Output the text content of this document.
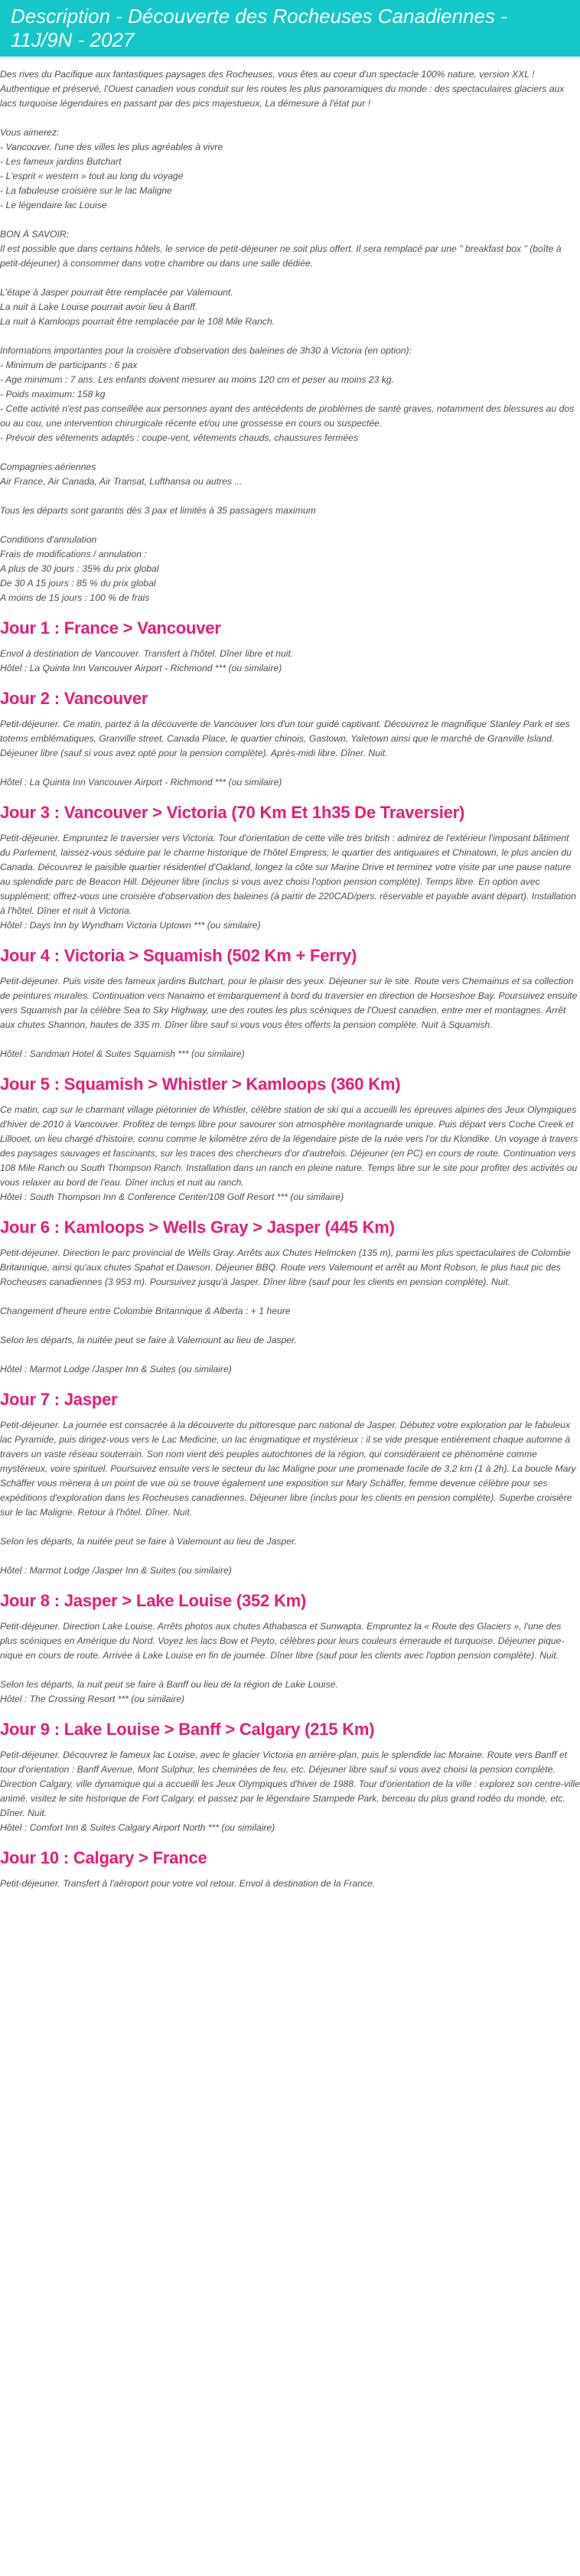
Description - Découverte des Rocheuses Canadiennes - 11J/9N - 2027

Des rives du Pacifique aux fantastiques paysages des Rocheuses, vous êtes au coeur d'un spectacle 100% nature, version XXL ! Authentique et préservé, l'Ouest canadien vous conduit sur les routes les plus panoramiques du monde : des spectaculaires glaciers aux lacs turquoise légendaires en passant par des pics majestueux, La démesure à l'état pur !

Vous aimerez:

- Vancouver, l'une des villes les plus agréables à vivre

- Les fameux jardins Butchart

- L'esprit « western » tout au long du voyage

- La fabuleuse croisière sur le lac Maligne

- Le légendaire lac Louise

BON À SAVOIR:

Il est possible que dans certains hôtels, le service de petit-déjeuner ne soit plus offert. Il sera remplacé par une " breakfast box " (boîte à petit-déjeuner) à consommer dans votre chambre ou dans une salle dédiée.

L'étape à Jasper pourrait être remplacée par Valemount.

La nuit à Lake Louise pourrait avoir lieu à Banff.

La nuit à Kamloops pourrait être remplacée par le 108 Mile Ranch.

Informations importantes pour la croisière d'observation des baleines de 3h30 à Victoria (en option):

- Minimum de participants : 6 pax

- Age minimum : 7 ans. Les enfants doivent mesurer au moins 120 cm et peser au moins 23 kg.

- Poids maximum: 158 kg

- Cette activité n'est pas conseillée aux personnes ayant des antécédents de problèmes de santé graves, notamment des blessures au dos ou au cou, une intervention chirurgicale récente et/ou une grossesse en cours ou suspectée.

- Prévoir des vêtements adaptés : coupe-vent, vêtements chauds, chaussures fermées

Compagnies aériennes

Air France, Air Canada, Air Transat, Lufthansa ou autres ...

Tous les départs sont garantis dès 3 pax et limités à 35 passagers maximum

Conditions d'annulation

Frais de modifications / annulation :

A plus de 30 jours : 35% du prix global

De 30 A 15 jours : 85 % du prix global

A moins de 15 jours : 100 % de frais

Jour 1 : France > Vancouver

Envol à destination de Vancouver. Transfert à l'hôtel. Dîner libre et nuit.

Hôtel : La Quinta Inn Vancouver Airport - Richmond *** (ou similaire)

Jour 2 : Vancouver

Petit-déjeuner. Ce matin, partez à la découverte de Vancouver lors d'un tour guidé captivant. Découvrez le magnifique Stanley Park et ses totems emblématiques, Granville street, Canada Place, le quartier chinois, Gastown, Yaletown ainsi que le marché de Granville Island. Déjeuner libre (sauf si vous avez opté pour la pension complète). Après-midi libre. Dîner. Nuit.

Hôtel : La Quinta Inn Vancouver Airport - Richmond *** (ou similaire)

Jour 3 : Vancouver > Victoria (70 Km Et 1h35 De Traversier)

Petit-déjeuner. Empruntez le traversier vers Victoria. Tour d'orientation de cette ville très british : admirez de l'extérieur l'imposant bâtiment du Parlement, laissez-vous séduire par le charme historique de l'hôtel Empress, le quartier des antiquaires et Chinatown, le plus ancien du Canada. Découvrez le paisible quartier résidentiel d'Oakland, longez la côte sur Marine Drive et terminez votre visite par une pause nature au splendide parc de Beacon Hill. Déjeuner libre (inclus si vous avez choisi l'option pension complète). Temps libre. En option avec supplément; offrez-vous une croisière d'observation des baleines (à partir de 220CAD/pers. réservable et payable avant départ). Installation à l'hôtel. Dîner et nuit à Victoria.

Hôtel : Days Inn by Wyndham Victoria Uptown *** (ou similaire)

Jour 4 : Victoria > Squamish (502 Km + Ferry)

Petit-déjeuner. Puis visite des fameux jardins Butchart, pour le plaisir des yeux. Déjeuner sur le site. Route vers Chemainus et sa collection de peintures murales. Continuation vers Nanaimo et embarquement à bord du traversier en direction de Horseshoe Bay. Poursuivez ensuite vers Squamish par la célèbre Sea to Sky Highway, une des routes les plus scéniques de l'Ouest canadien, entre mer et montagnes. Arrêt aux chutes Shannon, hautes de 335 m. Dîner libre sauf si vous vous êtes offerts la pension complète. Nuit à Squamish.

Hôtel : Sandman Hotel & Suites Squamish *** (ou similaire)

Jour 5 : Squamish > Whistler > Kamloops (360 Km)

Ce matin, cap sur le charmant village piétonnier de Whistler, célèbre station de ski qui a accueilli les épreuves alpines des Jeux Olympiques d'hiver de 2010 à Vancouver. Profitez de temps libre pour savourer son atmosphère montagnarde unique. Puis départ vers Coche Creek et Lillooet, un lieu chargé d'histoire, connu comme le kilomètre zéro de la légendaire piste de la ruée vers l'or du Klondike. Un voyage à travers des paysages sauvages et fascinants, sur les traces des chercheurs d'or d'autrefois. Déjeuner (en PC) en cours de route. Continuation vers 108 Mile Ranch ou South Thompson Ranch. Installation dans un ranch en pleine nature. Temps libre sur le site pour profiter des activités ou vous relaxer au bord de l'eau. Dîner inclus et nuit au ranch.

Hôtel : South Thompson Inn & Conference Center/108 Golf Resort *** (ou similaire)

Jour 6 : Kamloops > Wells Gray > Jasper (445 Km)

Petit-déjeuner. Direction le parc provincial de Wells Gray. Arrêts aux Chutes Helmcken (135 m), parmi les plus spectaculaires de Colombie Britannique, ainsi qu'aux chutes Spahat et Dawson. Déjeuner BBQ. Route vers Valemount et arrêt au Mont Robson, le plus haut pic des Rocheuses canadiennes (3 953 m). Poursuivez jusqu'à Jasper. Dîner libre (sauf pour les clients en pension complète). Nuit.

Changement d'heure entre Colombie Britannique & Alberta : + 1 heure

Selon les départs, la nuitée peut se faire à Valemount au lieu de Jasper.

Hôtel : Marmot Lodge /Jasper Inn & Suites (ou similaire)

Jour 7 : Jasper

Petit-déjeuner. La journée est consacrée à la découverte du pittoresque parc national de Jasper. Débutez votre exploration par le fabuleux lac Pyramide, puis dirigez-vous vers le Lac Medicine, un lac énigmatique et mystérieux : il se vide presque entièrement chaque automne à travers un vaste réseau souterrain. Son nom vient des peuples autochtones de la région, qui considéraient ce phénomène comme mystérieux, voire spirituel. Poursuivez ensuite vers le secteur du lac Maligne pour une promenade facile de 3,2 km (1 à 2h). La boucle Mary Schäffer vous mènera à un point de vue où se trouve également une exposition sur Mary Schäffer, femme devenue célèbre pour ses expéditions d'exploration dans les Rocheuses canadiennes. Déjeuner libre (inclus pour les clients en pension complète). Superbe croisière sur le lac Maligne. Retour à l'hôtel. Dîner. Nuit.

Selon les départs, la nuitée peut se faire à Valemount au lieu de Jasper.

Hôtel : Marmot Lodge /Jasper Inn & Suites (ou similaire)

Jour 8 : Jasper > Lake Louise (352 Km)

Petit-déjeuner. Direction Lake Louise. Arrêts photos aux chutes Athabasca et Sunwapta. Empruntez la « Route des Glaciers », l'une des plus scéniques en Amérique du Nord. Voyez les lacs Bow et Peyto, célèbres pour leurs couleurs émeraude et turquoise. Déjeuner pique-nique en cours de route. Arrivée à Lake Louise en fin de journée. Dîner libre (sauf pour les clients avec l'option pension complète). Nuit.

Selon les départs, la nuit peut se faire à Banff ou lieu de la région de Lake Louise.

Hôtel : The Crossing Resort *** (ou similaire)

Jour 9 : Lake Louise > Banff > Calgary (215 Km)

Petit-déjeuner. Découvrez le fameux lac Louise, avec le glacier Victoria en arrière-plan, puis le splendide lac Moraine. Route vers Banff et tour d'orientation : Banff Avenue, Mont Sulphur, les cheminées de feu, etc. Déjeuner libre sauf si vous avez choisi la pension complète. Direction Calgary, ville dynamique qui a accueilli les Jeux Olympiques d'hiver de 1988. Tour d'orientation de la ville : explorez son centre-ville animé, visitez le site historique de Fort Calgary, et passez par le légendaire Stampede Park, berceau du plus grand rodéo du monde, etc. Dîner. Nuit.

Hôtel : Comfort Inn & Suites Calgary Airport North *** (ou similaire)

Jour 10 : Calgary > France

Petit-déjeuner. Transfert à l'aéroport pour votre vol retour. Envol à destination de la France.
